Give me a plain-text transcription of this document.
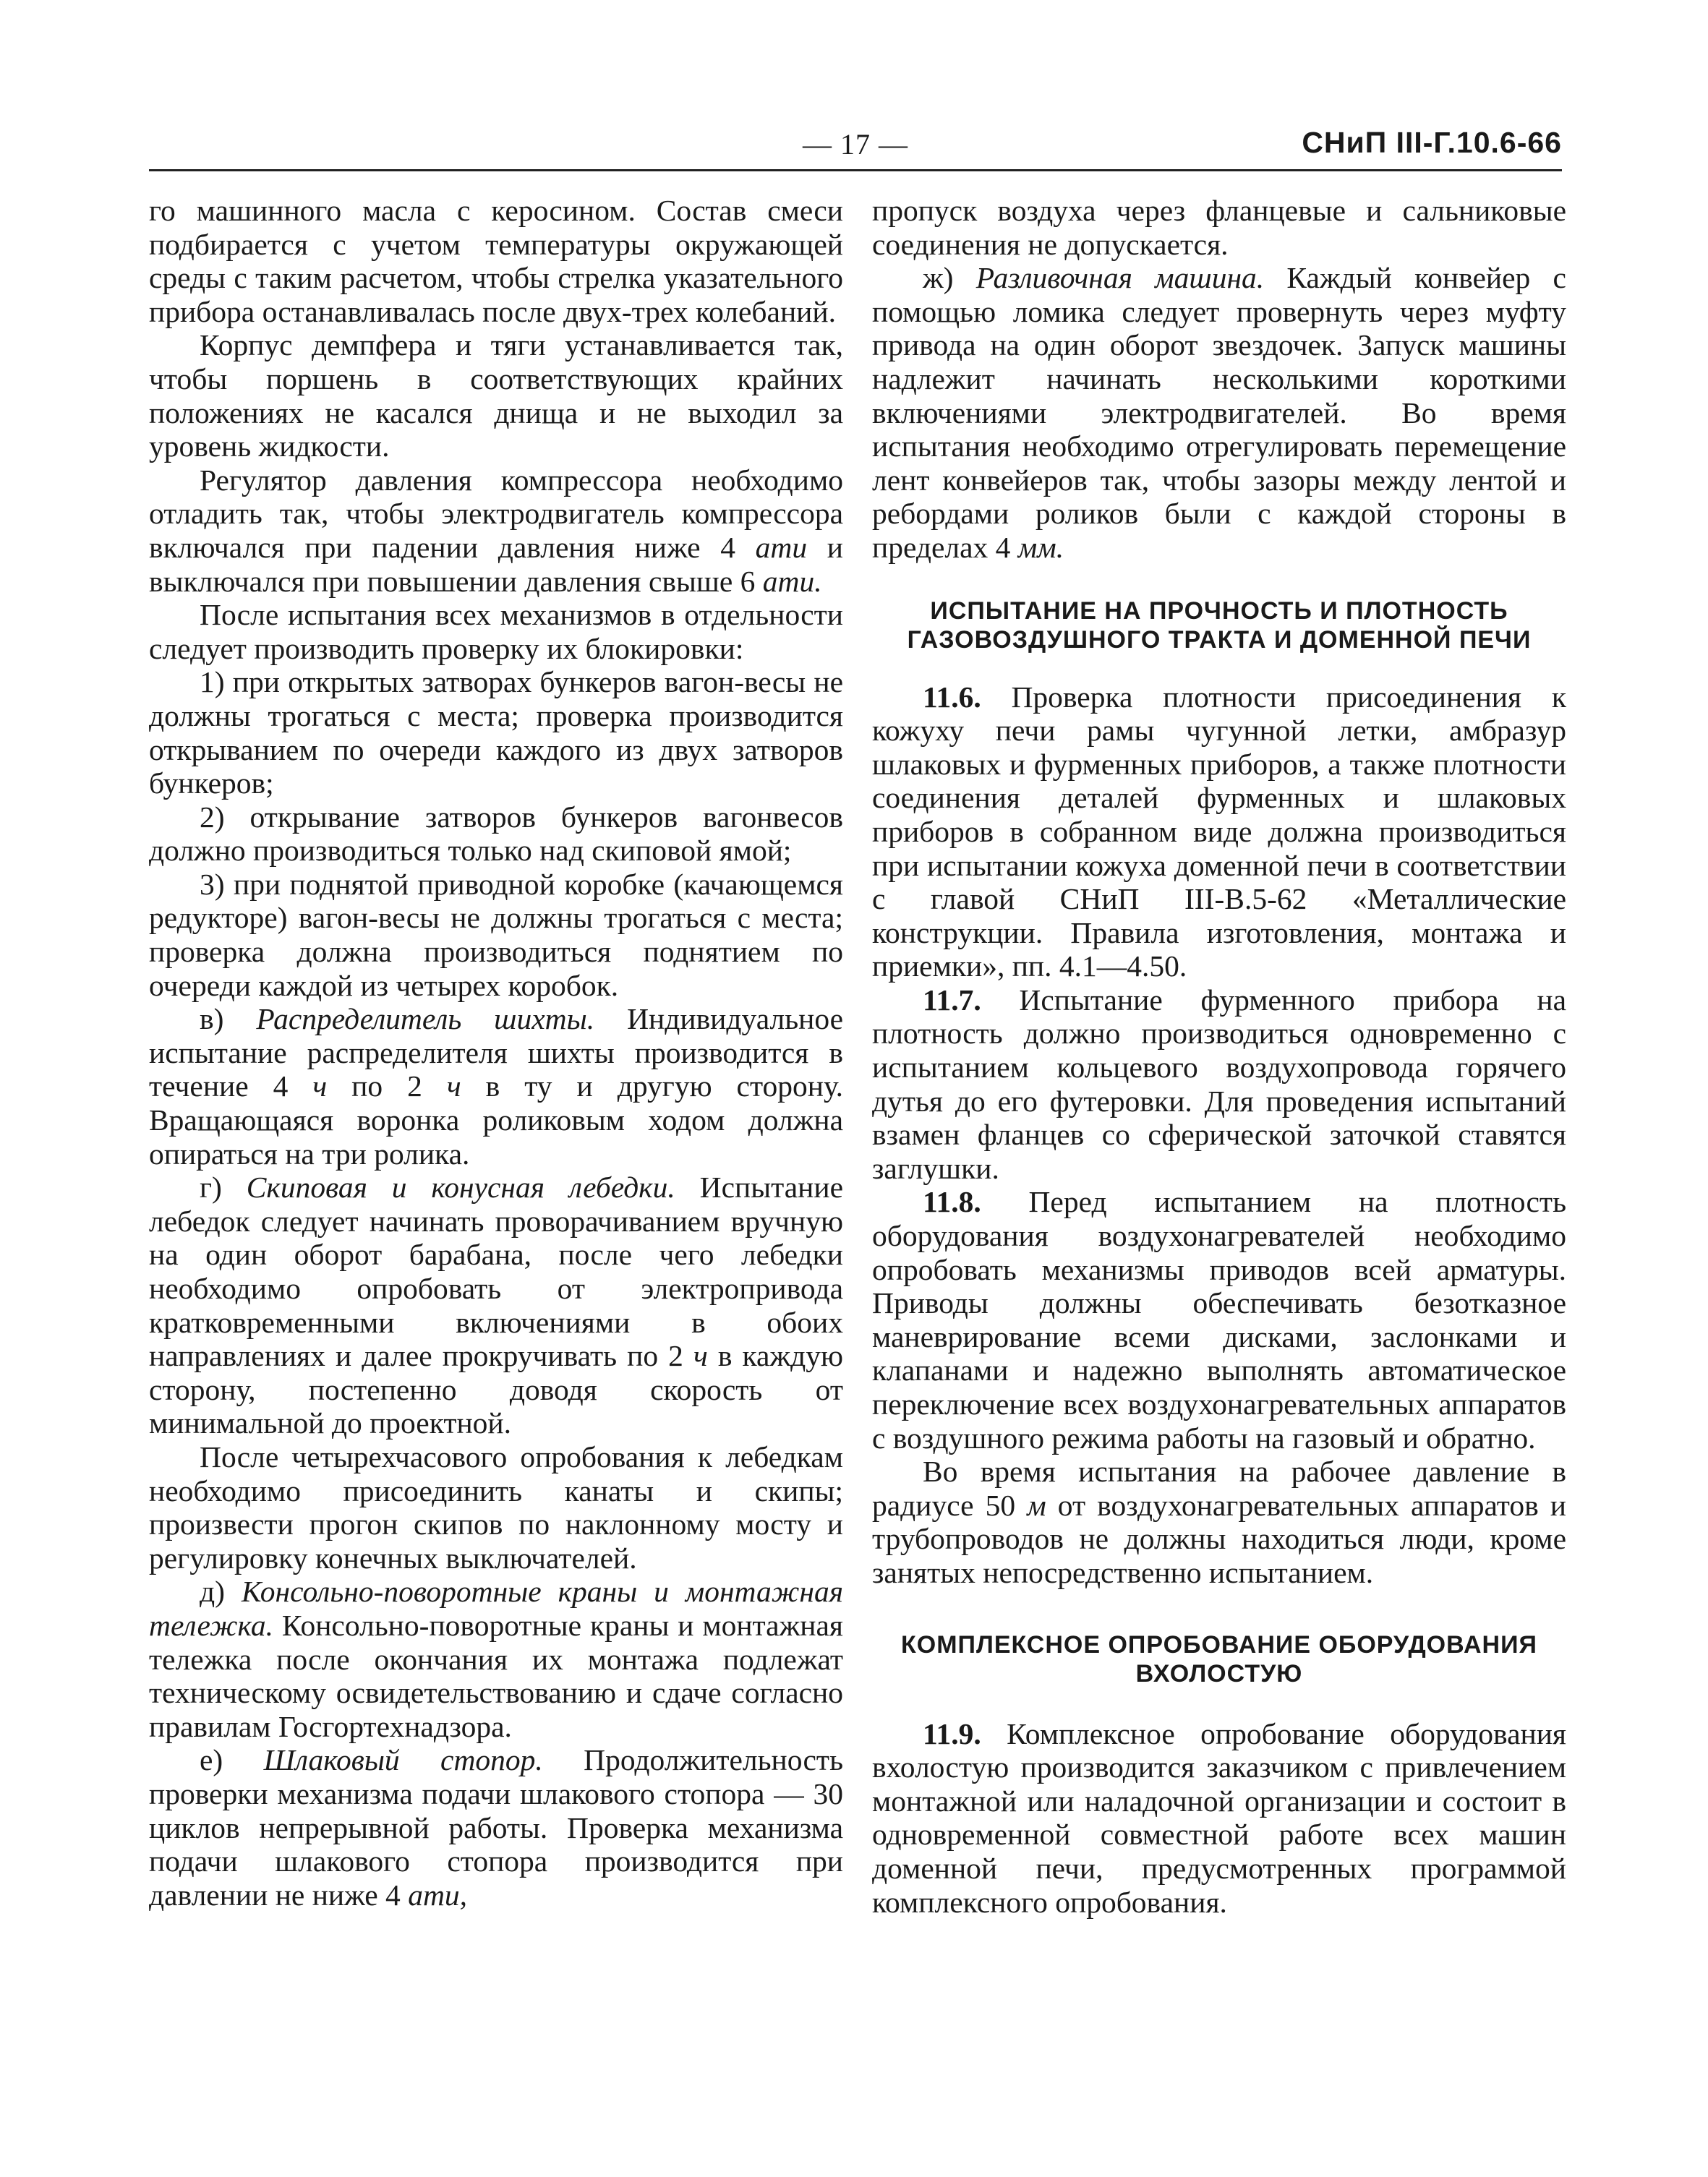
— 17 —	СНиП III-Г.10.6-66

го машинного масла с керосином. Состав смеси подбирается с учетом температуры окружающей среды с таким расчетом, чтобы стрелка указательного прибора останавливалась после двух-трех колебаний.

Корпус демпфера и тяги устанавливается так, чтобы поршень в соответствующих крайних положениях не касался днища и не выходил за уровень жидкости.

Регулятор давления компрессора необходимо отладить так, чтобы электродвигатель компрессора включался при падении давления ниже 4 ати и выключался при повышении давления свыше 6 ати.

После испытания всех механизмов в отдельности следует производить проверку их блокировки:

1) при открытых затворах бункеров вагон-весы не должны трогаться с места; проверка производится открыванием по очереди каждого из двух затворов бункеров;

2) открывание затворов бункеров вагонвесов должно производиться только над скиповой ямой;

3) при поднятой приводной коробке (качающемся редукторе) вагон-весы не должны трогаться с места; проверка должна производиться поднятием по очереди каждой из четырех коробок.

в) Распределитель шихты. Индивидуальное испытание распределителя шихты производится в течение 4 ч по 2 ч в ту и другую сторону. Вращающаяся воронка роликовым ходом должна опираться на три ролика.

г) Скиповая и конусная лебедки. Испытание лебедок следует начинать проворачиванием вручную на один оборот барабана, после чего лебедки необходимо опробовать от электропривода кратковременными включениями в обоих направлениях и далее прокручивать по 2 ч в каждую сторону, постепенно доводя скорость от минимальной до проектной.

После четырехчасового опробования к лебедкам необходимо присоединить канаты и скипы; произвести прогон скипов по наклонному мосту и регулировку конечных выключателей.

д) Консольно-поворотные краны и монтажная тележка. Консольно-поворотные краны и монтажная тележка после окончания их монтажа подлежат техническому освидетельствованию и сдаче согласно правилам Госгортехнадзора.

е) Шлаковый стопор. Продолжительность проверки механизма подачи шлакового стопора — 30 циклов непрерывной работы. Проверка механизма подачи шлакового стопора производится при давлении не ниже 4 ати,

пропуск воздуха через фланцевые и сальниковые соединения не допускается.

ж) Разливочная машина. Каждый конвейер с помощью ломика следует провернуть через муфту привода на один оборот звездочек. Запуск машины надлежит начинать несколькими короткими включениями электродвигателей. Во время испытания необходимо отрегулировать перемещение лент конвейеров так, чтобы зазоры между лентой и ребордами роликов были с каждой стороны в пределах 4 мм.

ИСПЫТАНИЕ НА ПРОЧНОСТЬ И ПЛОТНОСТЬ ГАЗОВОЗДУШНОГО ТРАКТА И ДОМЕННОЙ ПЕЧИ

11.6. Проверка плотности присоединения к кожуху печи рамы чугунной летки, амбразур шлаковых и фурменных приборов, а также плотности соединения деталей фурменных и шлаковых приборов в собранном виде должна производиться при испытании кожуха доменной печи в соответствии с главой СНиП III-В.5-62 «Металлические конструкции. Правила изготовления, монтажа и приемки», пп. 4.1—4.50.

11.7. Испытание фурменного прибора на плотность должно производиться одновременно с испытанием кольцевого воздухопровода горячего дутья до его футеровки. Для проведения испытаний взамен фланцев со сферической заточкой ставятся заглушки.

11.8. Перед испытанием на плотность оборудования воздухонагревателей необходимо опробовать механизмы приводов всей арматуры. Приводы должны обеспечивать безотказное маневрирование всеми дисками, заслонками и клапанами и надежно выполнять автоматическое переключение всех воздухонагревательных аппаратов с воздушного режима работы на газовый и обратно.

Во время испытания на рабочее давление в радиусе 50 м от воздухонагревательных аппаратов и трубопроводов не должны находиться люди, кроме занятых непосредственно испытанием.

КОМПЛЕКСНОЕ ОПРОБОВАНИЕ ОБОРУДОВАНИЯ ВХОЛОСТУЮ

11.9. Комплексное опробование оборудования вхолостую производится заказчиком с привлечением монтажной или наладочной организации и состоит в одновременной совместной работе всех машин доменной печи, предусмотренных программой комплексного опробования.
